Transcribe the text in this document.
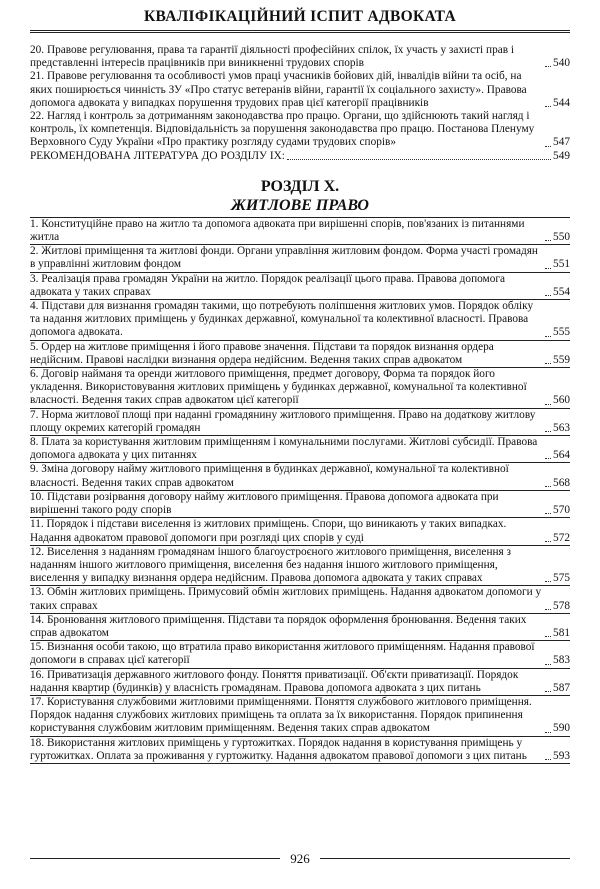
КВАЛІФІКАЦІЙНИЙ ІСПИТ АДВОКАТА
20. Правове регулювання, права та гарантії діяльності професійних спілок, їх участь у захисті прав і представленні інтересів працівників при виникненні трудових спорів	540
21. Правове регулювання та особливості умов праці учасників бойових дій, інвалідів війни та осіб, на яких поширюється чинність ЗУ «Про статус ветеранів війни, гарантії їх соціального захисту». Правова допомога адвоката у випадках порушення трудових прав цієї категорії працівників	544
22. Нагляд і контроль за дотриманням законодавства про працю. Органи, що здійснюють такий нагляд і контроль, їх компетенція. Відповідальність за порушення законодавства про працю. Постанова Пленуму Верховного Суду України «Про практику розгляду судами трудових спорів»	547
РЕКОМЕНДОВАНА ЛІТЕРАТУРА ДО РОЗДІЛУ IX:	549
РОЗДІЛ X.
ЖИТЛОВЕ ПРАВО
1. Конституційне право на житло та допомога адвоката при вирішенні спорів, пов'язаних із питаннями житла	550
2. Житлові приміщення та житлові фонди. Органи управління житловим фондом. Форма участі громадян в управлінні житловим фондом	551
3. Реалізація права громадян України на житло. Порядок реалізації цього права. Правова допомога адвоката у таких справах	554
4. Підстави для визнання громадян такими, що потребують поліпшення житлових умов. Порядок обліку та надання житлових приміщень у будинках державної, комунальної та колективної власності. Правова допомога адвоката.	555
5. Ордер на житлове приміщення і його правове значення. Підстави та порядок визнання ордера недійсним. Правові наслідки визнання ордера недійсним. Ведення таких справ адвокатом	559
6. Договір найманя та оренди житлового приміщення, предмет договору, Форма та порядок його укладення. Використовування житлових приміщень у будинках державної, комунальної та колективної власності. Ведення таких справ адвокатом цієї категорії	560
7. Норма житлової площі при наданні громадянину житлового приміщення. Право на додаткову житлову площу окремих категорій громадян	563
8. Плата за користування житловим приміщенням і комунальними послугами. Житлові субсидії. Правова допомога адвоката у цих питаннях	564
9. Зміна договору найму житлового приміщення в будинках державної, комунальної та колективної власності. Ведення таких справ адвокатом	568
10. Підстави розірвання договору найму житлового приміщення. Правова допомога адвоката при вирішенні такого роду спорів	570
11. Порядок і підстави виселення із житлових приміщень. Спори, що виникають у таких випадках. Надання адвокатом правової допомоги при розгляді цих спорів у суді	572
12. Виселення з наданням громадянам іншого благоустроєного житлового приміщення, виселення з наданням іншого житлового приміщення, виселення без надання іншого житлового приміщення, виселення у випадку визнання ордера недійсним. Правова допомога адвоката у таких справах	575
13. Обмін житлових приміщень. Примусовий обмін житлових приміщень. Надання адвокатом допомоги у таких справах	578
14. Бронювання житлового приміщення. Підстави та порядок оформлення бронювання. Ведення таких справ адвокатом	581
15. Визнання особи такою, що втратила право використання житлового приміщенням. Надання правової допомоги в справах цієї категорії	583
16. Приватизація державного житлового фонду. Поняття приватизації. Об'єкти приватизації. Порядок надання квартир (будинків) у власність громадянам. Правова допомога адвоката з цих питань	587
17. Користування службовими житловими приміщеннями. Поняття службового житлового приміщення. Порядок надання службових житлових приміщень та оплата за їх використання. Порядок припинення користування службовим житловим приміщенням. Ведення таких справ адвокатом	590
18. Використання житлових приміщень у гуртожитках. Порядок надання в користування приміщень у гуртожитках. Оплата за проживання у гуртожитку. Надання адвокатом правової допомоги з цих питань	593
926
